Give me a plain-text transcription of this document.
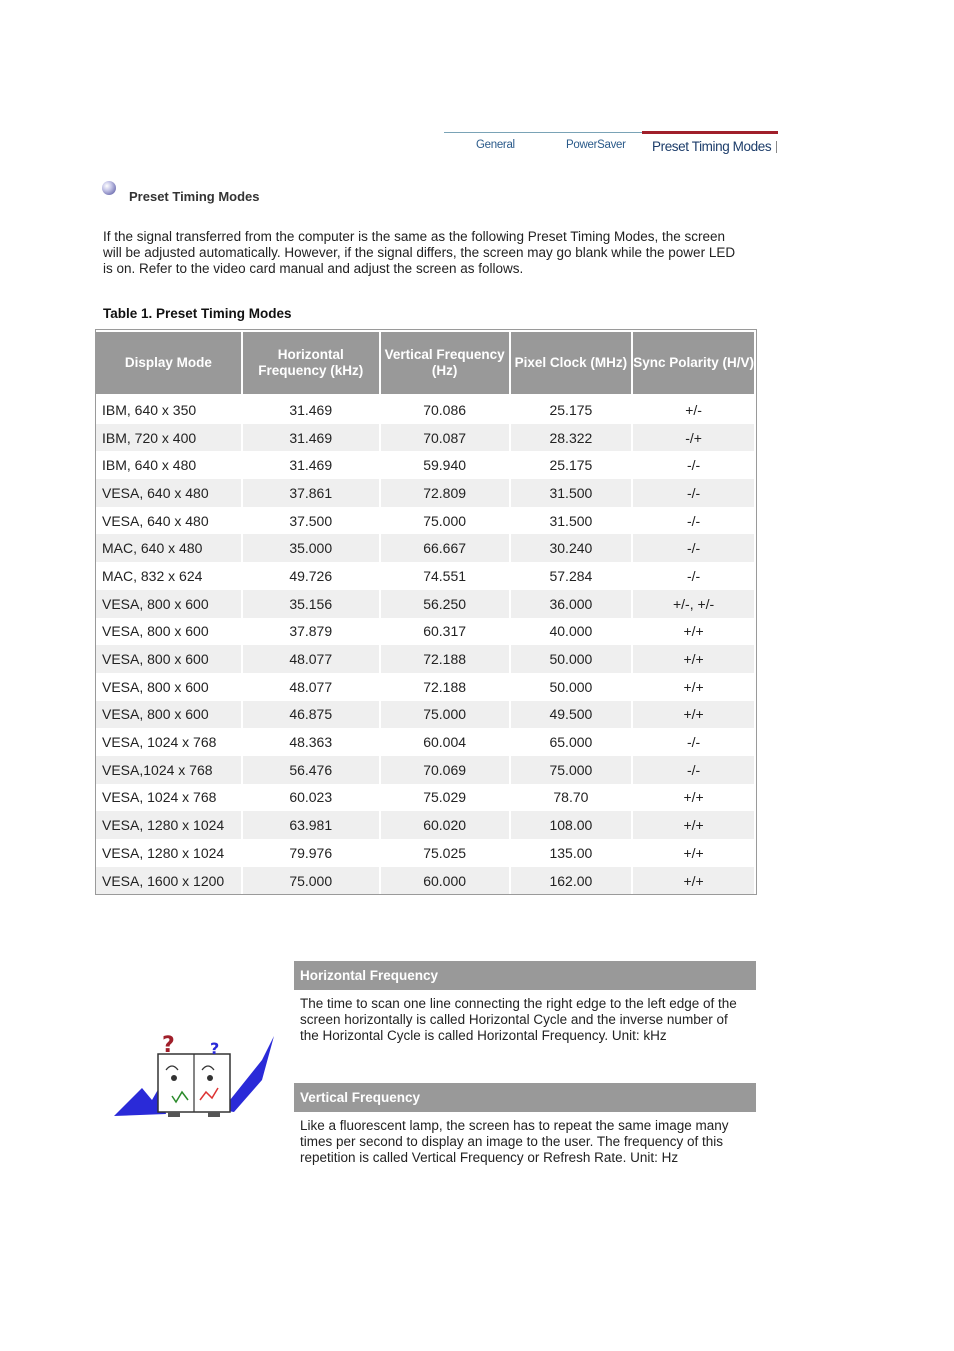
General	PowerSaver Preset Timing Modes
Preset Timing Modes
If the signal transferred from the computer is the same as the following Preset Timing Modes, the screen will be adjusted automatically. However, if the signal differs, the screen may go blank while the power LED is on. Refer to the video card manual and adjust the screen as follows.
Table 1. Preset Timing Modes
Display Mode	Horizontal Frequency (kHz)	Vertical Frequency (Hz)	Pixel Clock (MHz)	Sync Polarity (H/V)
IBM, 640 x 350	31.469	70.086	25.175	+/-
IBM, 720 x 400	31.469	70.087	28.322	-/+
IBM, 640 x 480	31.469	59.940	25.175	-/-
VESA, 640 x 480	37.861	72.809	31.500	-/-
VESA, 640 x 480	37.500	75.000	31.500	-/-
MAC, 640 x 480	35.000	66.667	30.240	-/-
MAC, 832 x 624	49.726	74.551	57.284	-/-
VESA, 800 x 600	35.156	56.250	36.000	+/-, +/-
VESA, 800 x 600	37.879	60.317	40.000	+/+
VESA, 800 x 600	48.077	72.188	50.000	+/+
VESA, 800 x 600	48.077	72.188	50.000	+/+
VESA, 800 x 600	46.875	75.000	49.500	+/+
VESA, 1024 x 768	48.363	60.004	65.000	-/-
VESA,1024 x 768	56.476	70.069	75.000	-/-
VESA, 1024 x 768	60.023	75.029	78.70	+/+
VESA, 1280 x 1024	63.981	60.020	108.00	+/+
VESA, 1280 x 1024	79.976	75.025	135.00	+/+
VESA, 1600 x 1200	75.000	60.000	162.00	+/+
? ?
Horizontal Frequency
The time to scan one line connecting the right edge to the left edge of the screen horizontally is called Horizontal Cycle and the inverse number of the Horizontal Cycle is called Horizontal Frequency. Unit: kHz
Vertical Frequency
Like a fluorescent lamp, the screen has to repeat the same image many times per second to display an image to the user. The frequency of this repetition is called Vertical Frequency or Refresh Rate. Unit: Hz
